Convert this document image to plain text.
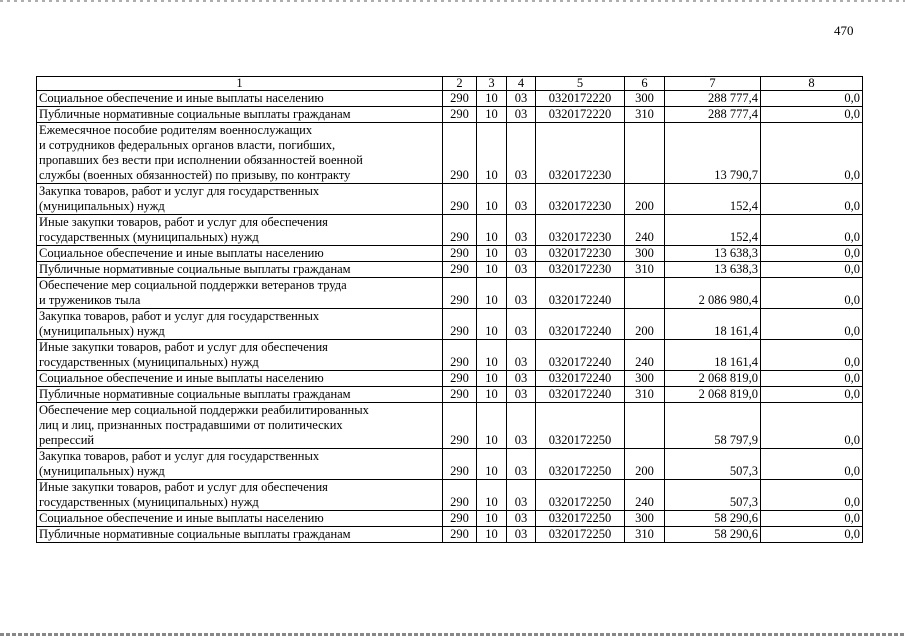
470
1	2	3	4	5	6	7	8

Социальное обеспечение и иные выплаты населению	290	10	03	0320172220	300	288 777,4	0,0

Публичные нормативные социальные выплаты гражданам	290	10	03	0320172220	310	288 777,4	0,0

Ежемесячное пособие родителям военнослужащих
и сотрудников федеральных органов власти, погибших,
пропавших без вести при исполнении обязанностей военной
службы (военных обязанностей) по призыву, по контракту	290	10	03	0320172230		13 790,7	0,0

Закупка товаров, работ и услуг для государственных
(муниципальных) нужд	290	10	03	0320172230	200	152,4	0,0

Иные закупки товаров, работ и услуг для обеспечения
государственных (муниципальных) нужд	290	10	03	0320172230	240	152,4	0,0

Социальное обеспечение и иные выплаты населению	290	10	03	0320172230	300	13 638,3	0,0

Публичные нормативные социальные выплаты гражданам	290	10	03	0320172230	310	13 638,3	0,0

Обеспечение мер социальной поддержки ветеранов труда
и тружеников тыла	290	10	03	0320172240		2 086 980,4	0,0

Закупка товаров, работ и услуг для государственных
(муниципальных) нужд	290	10	03	0320172240	200	18 161,4	0,0

Иные закупки товаров, работ и услуг для обеспечения
государственных (муниципальных) нужд	290	10	03	0320172240	240	18 161,4	0,0

Социальное обеспечение и иные выплаты населению	290	10	03	0320172240	300	2 068 819,0	0,0

Публичные нормативные социальные выплаты гражданам	290	10	03	0320172240	310	2 068 819,0	0,0

Обеспечение мер социальной поддержки реабилитированных
лиц и лиц, признанных пострадавшими от политических
репрессий	290	10	03	0320172250		58 797,9	0,0

Закупка товаров, работ и услуг для государственных
(муниципальных) нужд	290	10	03	0320172250	200	507,3	0,0

Иные закупки товаров, работ и услуг для обеспечения
государственных (муниципальных) нужд	290	10	03	0320172250	240	507,3	0,0

Социальное обеспечение и иные выплаты населению	290	10	03	0320172250	300	58 290,6	0,0

Публичные нормативные социальные выплаты гражданам	290	10	03	0320172250	310	58 290,6	0,0
